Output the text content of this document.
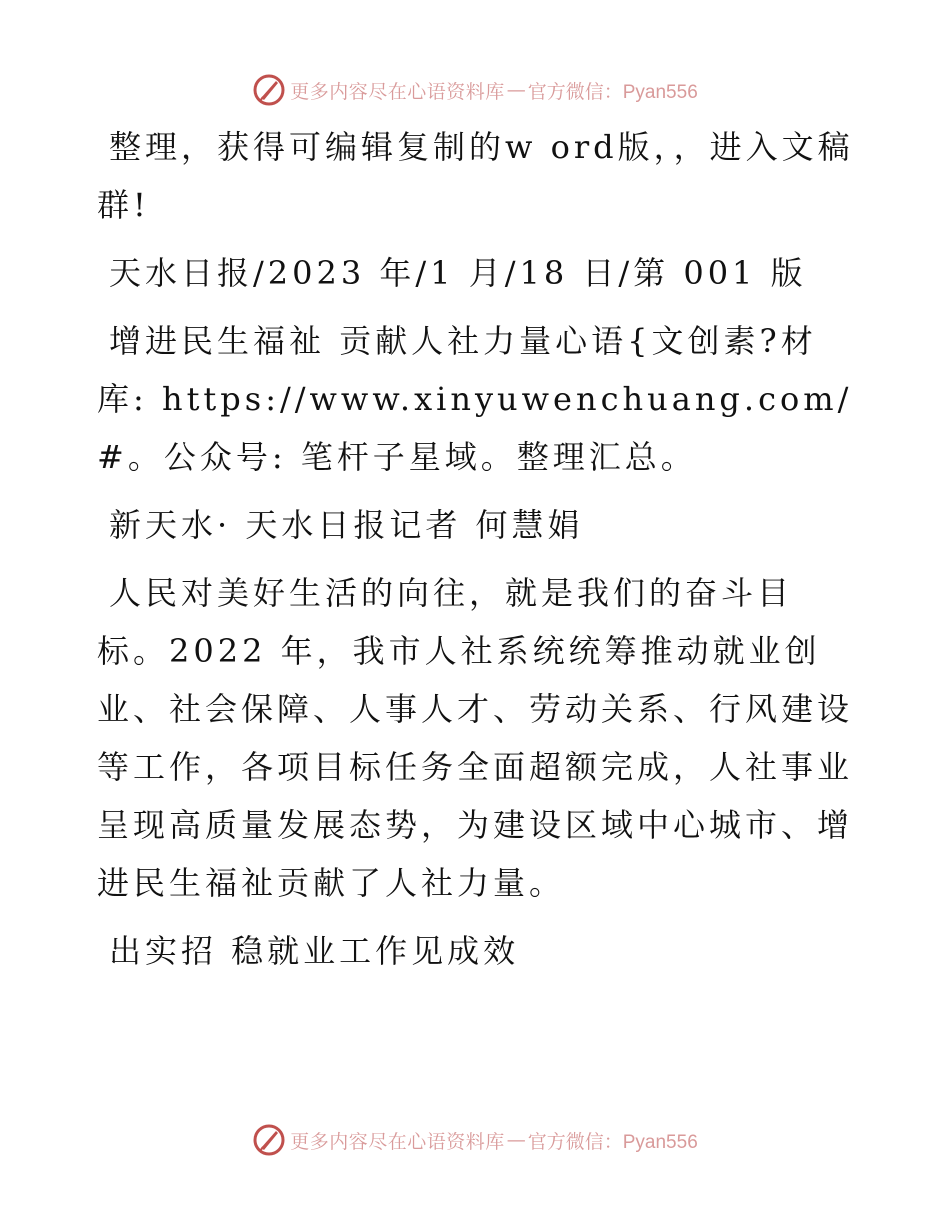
更多内容尽在心语资料库 — 官方微信：Pyan556

整理，获得可编辑复制的w ord版，，进入文稿群!

天水日报/2023 年/1 月/18 日/第 001 版

增进民生福祉 贡献人社力量心语{文创素?材库: https://www.xinyuwenchuang.com/#。公众号: 笔杆子星域。整理汇总。

新天水· 天水日报记者 何慧娟

人民对美好生活的向往，就是我们的奋斗目标。2022 年，我市人社系统统筹推动就业创业、社会保障、人事人才、劳动关系、行风建设等工作，各项目标任务全面超额完成，人社事业呈现高质量发展态势，为建设区域中心城市、增进民生福祉贡献了人社力量。

出实招 稳就业工作见成效

更多内容尽在心语资料库 — 官方微信：Pyan556
